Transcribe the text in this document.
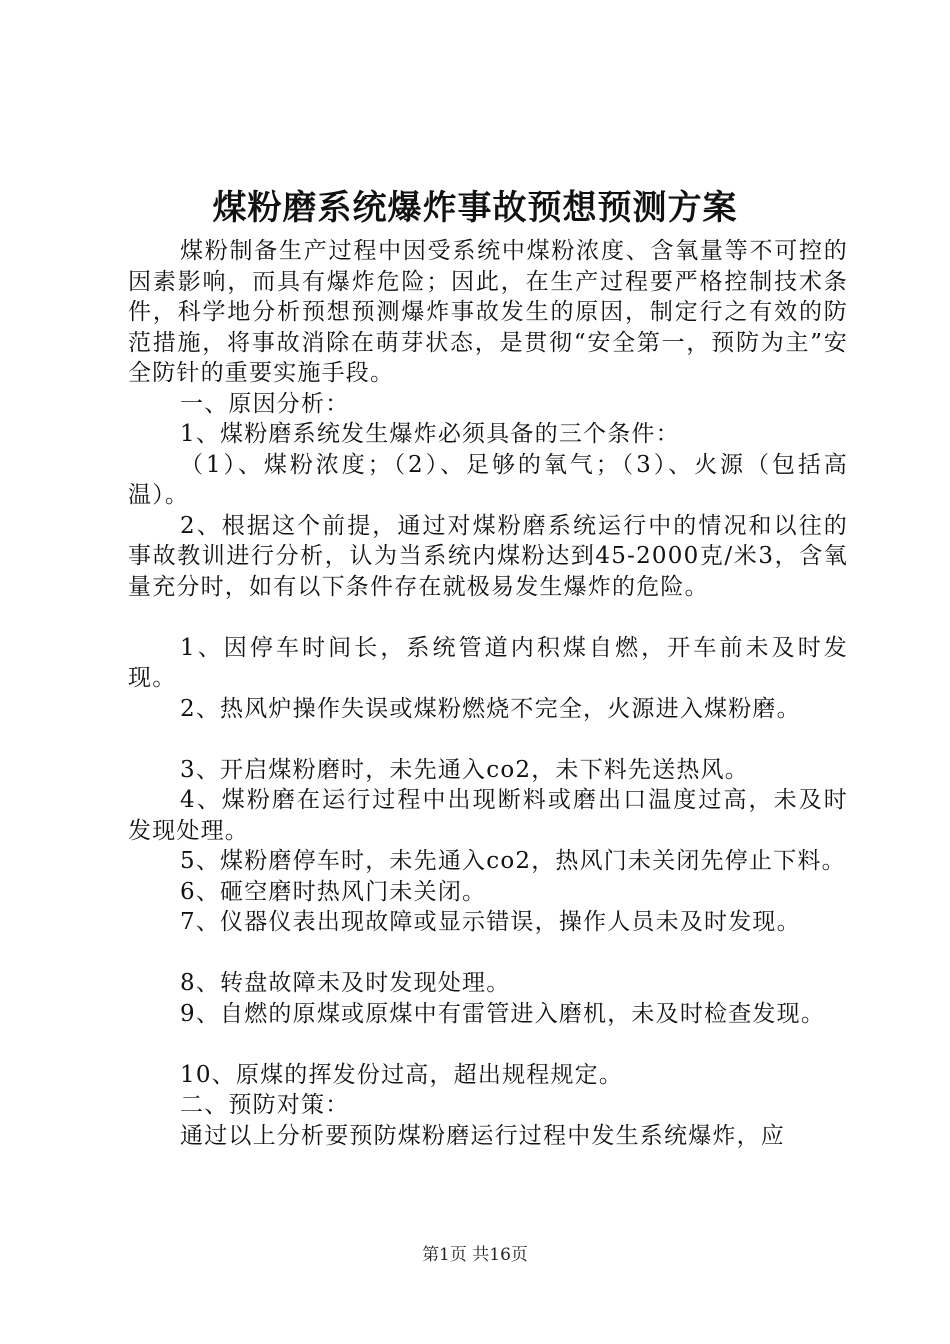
煤粉磨系统爆炸事故预想预测方案

煤粉制备生产过程中因受系统中煤粉浓度、含氧量等不可控的因素影响，而具有爆炸危险；因此，在生产过程要严格控制技术条件，科学地分析预想预测爆炸事故发生的原因，制定行之有效的防范措施，将事故消除在萌芽状态，是贯彻“安全第一，预防为主”安全防针的重要实施手段。

一、原因分析：

1、煤粉磨系统发生爆炸必须具备的三个条件：

（1）、煤粉浓度；（2）、足够的氧气；（3）、火源（包括高温）。

2、根据这个前提，通过对煤粉磨系统运行中的情况和以往的事故教训进行分析，认为当系统内煤粉达到45-2000克/米3，含氧量充分时，如有以下条件存在就极易发生爆炸的危险。

1、因停车时间长，系统管道内积煤自燃，开车前未及时发现。

2、热风炉操作失误或煤粉燃烧不完全，火源进入煤粉磨。

3、开启煤粉磨时，未先通入co2，未下料先送热风。

4、煤粉磨在运行过程中出现断料或磨出口温度过高，未及时发现处理。

5、煤粉磨停车时，未先通入co2，热风门未关闭先停止下料。

6、砸空磨时热风门未关闭。

7、仪器仪表出现故障或显示错误，操作人员未及时发现。

8、转盘故障未及时发现处理。

9、自燃的原煤或原煤中有雷管进入磨机，未及时检查发现。

10、原煤的挥发份过高，超出规程规定。

二、预防对策：

通过以上分析要预防煤粉磨运行过程中发生系统爆炸，应

第1页 共16页
